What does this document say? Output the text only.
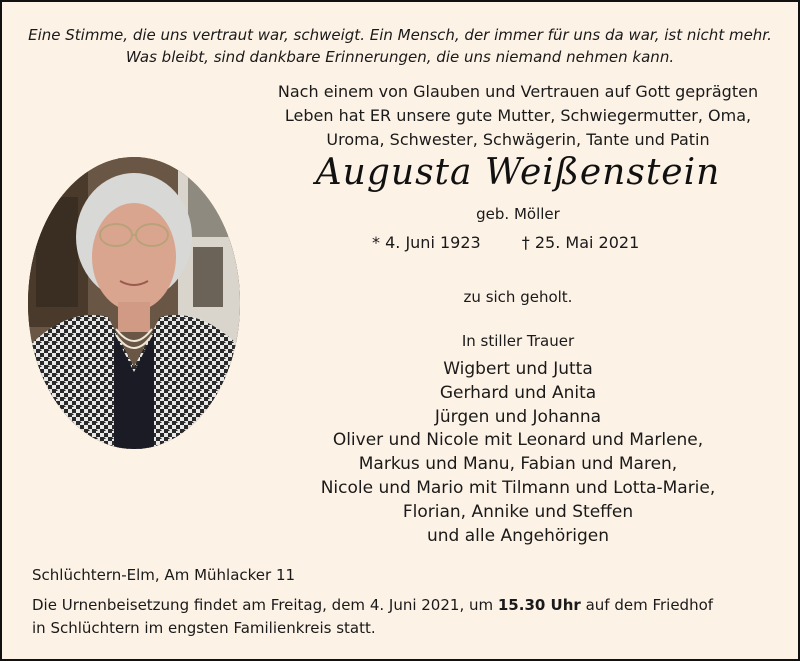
Eine Stimme, die uns vertraut war, schweigt. Ein Mensch, der immer für uns da war, ist nicht mehr.
Was bleibt, sind dankbare Erinnerungen, die uns niemand nehmen kann.
Nach einem von Glauben und Vertrauen auf Gott geprägten
Leben hat ER unsere gute Mutter, Schwiegermutter, Oma,
Uroma, Schwester, Schwägerin, Tante und Patin
Augusta Weißenstein
geb. Möller
* 4. Juni 1923	† 25. Mai 2021
zu sich geholt.
In stiller Trauer
Wigbert und Jutta
Gerhard und Anita
Jürgen und Johanna
Oliver und Nicole mit Leonard und Marlene,
Markus und Manu, Fabian und Maren,
Nicole und Mario mit Tilmann und Lotta-Marie,
Florian, Annike und Steffen
und alle Angehörigen
Schlüchtern-Elm, Am Mühlacker 11
Die Urnenbeisetzung findet am Freitag, dem 4. Juni 2021, um 15.30 Uhr auf dem Friedhof
in Schlüchtern im engsten Familienkreis statt.
